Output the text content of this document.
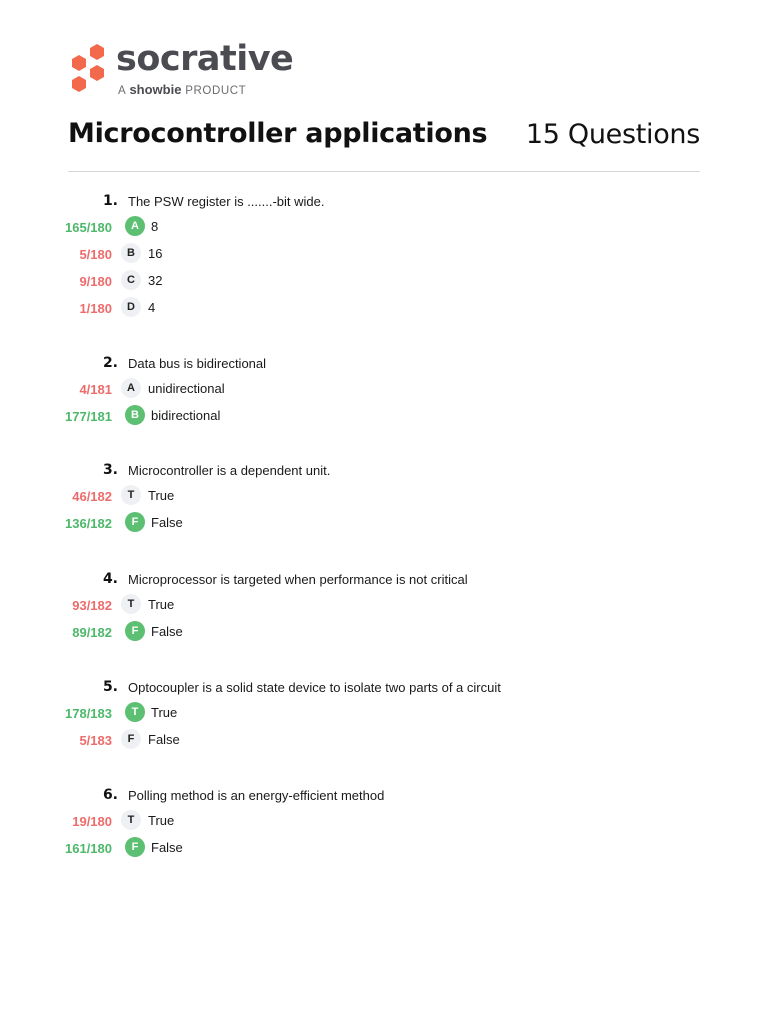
socrative
A showbie PRODUCT
Microcontroller applications 15 Questions
1. The PSW register is .......-bit wide.
165/180	A 8
5/180	B	16
9/180	C	32
1/180	D	4
2. Data bus is bidirectional
4/181	A	unidirectional
177/181	B bidirectional
3. Microcontroller is a dependent unit.
46/182	T	True
136/182	F False
4. Microprocessor is targeted when performance is not critical
93/182	T	True
89/182	F False
5. Optocoupler is a solid state device to isolate two parts of a circuit
178/183	T True
5/183	F	False
6. Polling method is an energy-efficient method
19/180	T	True
161/180	F False
